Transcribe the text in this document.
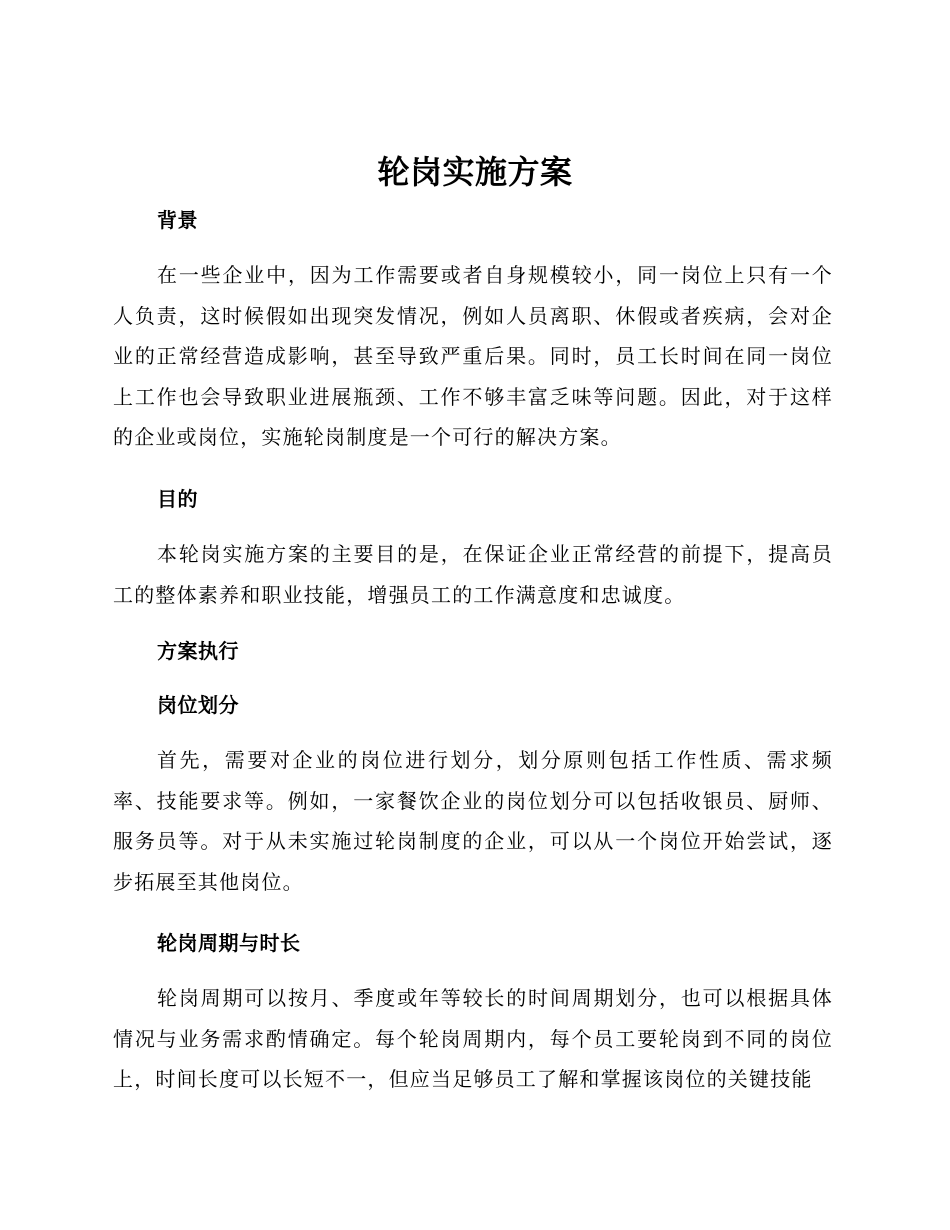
轮岗实施方案
背景

在一些企业中，因为工作需要或者自身规模较小，同一岗位上只有一个人负责，这时候假如出现突发情况，例如人员离职、休假或者疾病，会对企业的正常经营造成影响，甚至导致严重后果。同时，员工长时间在同一岗位上工作也会导致职业进展瓶颈、工作不够丰富乏味等问题。因此，对于这样的企业或岗位，实施轮岗制度是一个可行的解决方案。

目的

本轮岗实施方案的主要目的是，在保证企业正常经营的前提下，提高员工的整体素养和职业技能，增强员工的工作满意度和忠诚度。

方案执行
岗位划分

首先，需要对企业的岗位进行划分，划分原则包括工作性质、需求频率、技能要求等。例如，一家餐饮企业的岗位划分可以包括收银员、厨师、服务员等。对于从未实施过轮岗制度的企业，可以从一个岗位开始尝试，逐步拓展至其他岗位。

轮岗周期与时长

轮岗周期可以按月、季度或年等较长的时间周期划分，也可以根据具体情况与业务需求酌情确定。每个轮岗周期内，每个员工要轮岗到不同的岗位上，时间长度可以长短不一，但应当足够员工了解和掌握该岗位的关键技能
